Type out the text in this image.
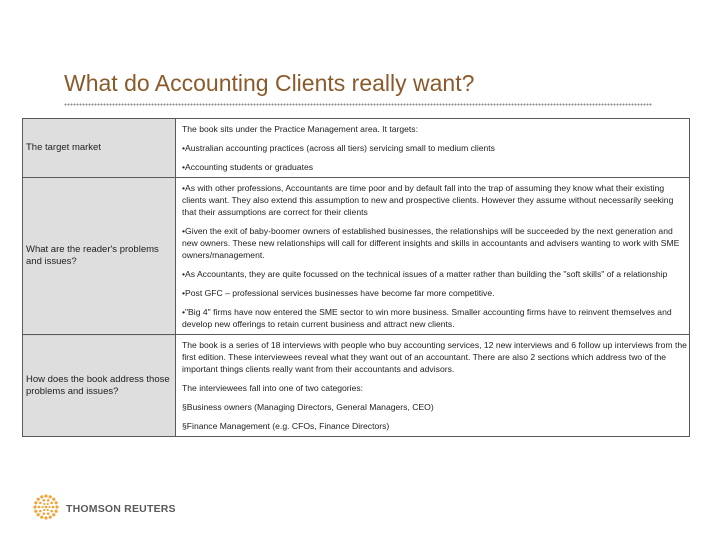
What do Accounting Clients really want?
The target market	The book sits under the Practice Management area. It targets:

•Australian accounting practices (across all tiers) servicing small to medium clients

•Accounting students or graduates

What are the reader's problems and issues?	•As with other professions, Accountants are time poor and by default fall into the trap of assuming they know what their existing clients want. They also extend this assumption to new and prospective clients. However they assume without necessarily seeking that their assumptions are correct for their clients

•Given the exit of baby-boomer owners of established businesses, the relationships will be succeeded by the next generation and new owners. These new relationships will call for different insights and skills in accountants and advisers wanting to work with SME owners/management.

•As Accountants, they are quite focussed on the technical issues of a matter rather than building the "soft skills" of a relationship

•Post GFC – professional services businesses have become far more competitive.

•"Big 4" firms have now entered the SME sector to win more business. Smaller accounting firms have to reinvent themselves and develop new offerings to retain current business and attract new clients.

How does the book address those problems and issues?	The book is a series of 18 interviews with people who buy accounting services, 12 new interviews and 6 follow up interviews from the first edition. These interviewees reveal what they want out of an accountant. There are also 2 sections which address two of the important things clients really want from their accountants and advisors.

The interviewees fall into one of two categories:

§Business owners (Managing Directors, General Managers, CEO)

§Finance Management (e.g. CFOs, Finance Directors)

THOMSON REUTERS
